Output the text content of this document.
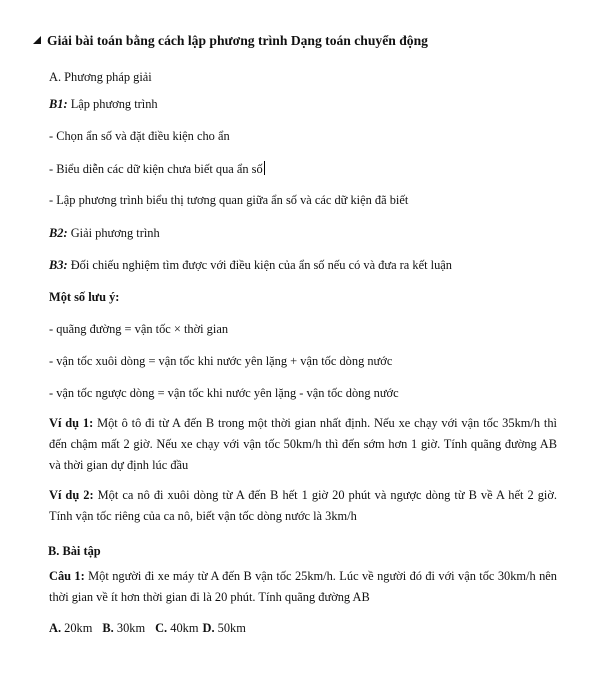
Giải bài toán bằng cách lập phương trình Dạng toán chuyển động
A. Phương pháp giải
B1: Lập phương trình
- Chọn ẩn số và đặt điều kiện cho ẩn
- Biểu diễn các dữ kiện chưa biết qua ẩn số
- Lập phương trình biểu thị tương quan giữa ẩn số và các dữ kiện đã biết
B2: Giải phương trình
B3: Đối chiếu nghiệm tìm được với điều kiện của ẩn số nếu có và đưa ra kết luận
Một số lưu ý:
- quãng đường = vận tốc × thời gian
- vận tốc xuôi dòng = vận tốc khi nước yên lặng + vận tốc dòng nước
- vận tốc ngược dòng = vận tốc khi nước yên lặng - vận tốc dòng nước
Ví dụ 1: Một ô tô đi từ A đến B trong một thời gian nhất định. Nếu xe chạy với vận tốc 35km/h thì đến chậm mất 2 giờ. Nếu xe chạy với vận tốc 50km/h thì đến sớm hơn 1 giờ. Tính quãng đường AB và thời gian dự định lúc đầu
Ví dụ 2: Một ca nô đi xuôi dòng từ A đến B hết 1 giờ 20 phút và ngược dòng từ B về A hết 2 giờ. Tính vận tốc riêng của ca nô, biết vận tốc dòng nước là 3km/h
B. Bài tập
Câu 1: Một người đi xe máy từ A đến B vận tốc 25km/h. Lúc về người đó đi với vận tốc 30km/h nên thời gian về ít hơn thời gian đi là 20 phút. Tính quãng đường AB
A. 20km B. 30km C. 40km D. 50km
